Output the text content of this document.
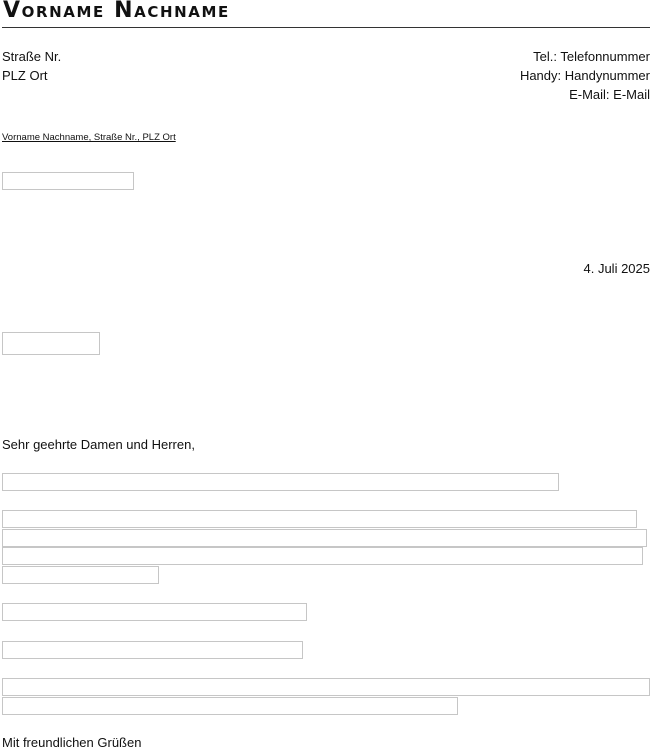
Vorname Nachname
Straße Nr.
PLZ Ort
Tel.: Telefonnummer
Handy: Handynummer
E-Mail: E-Mail
Vorname Nachname, Straße Nr., PLZ Ort
4. Juli 2025
Sehr geehrte Damen und Herren,
Mit freundlichen Grüßen
